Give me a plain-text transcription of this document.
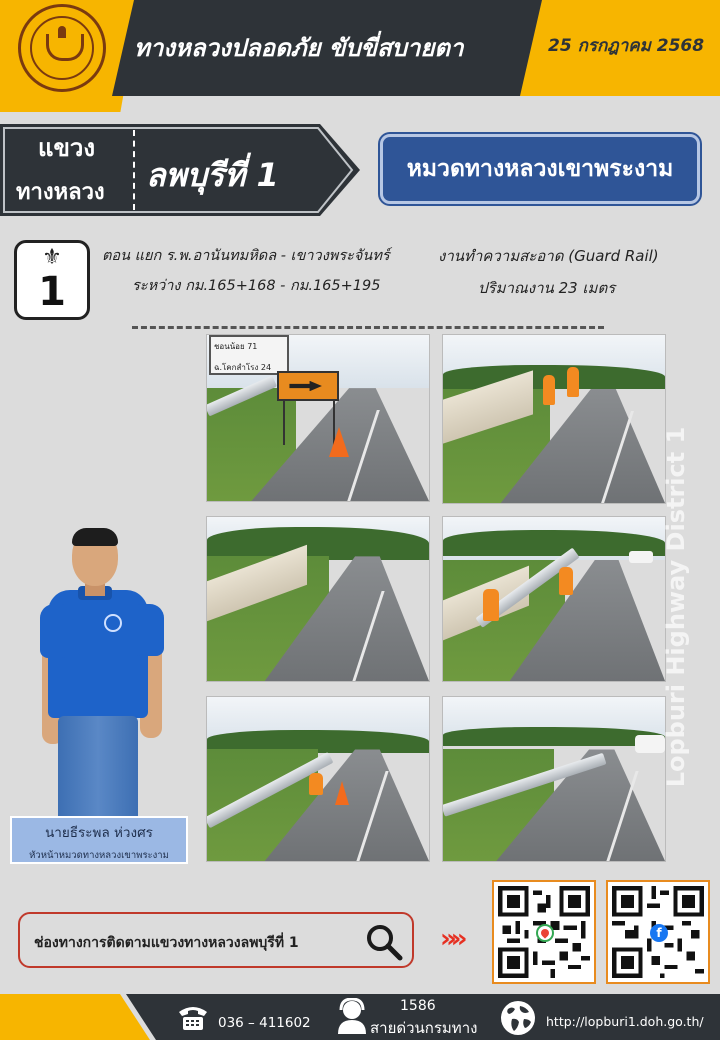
ทางหลวงปลอดภัย ขับขี่สบายตา	25 กรกฎาคม 2568
แขวง
ทางหลวง ลพบุรีที่ 1	หมวดทางหลวงเขาพระงาม
⚜
1
ตอน แยก ร.พ.อานันทมหิดล - เขาวงพระจันทร์
ระหว่าง กม.165+168 - กม.165+195
งานทำความสะอาด (Guard Rail)
ปริมาณงาน 23 เมตร
ชอนน้อย 71
ฉ.โคกสำโรง 24
นายธีระพล ห่วงศร
หัวหน้าหมวดทางหลวงเขาพระงาม
Lopburi Highway District 1
ช่องทางการติดตามแขวงทางหลวงลพบุรีที่ 1	»»	f
036 – 411602
1586
สายด่วนกรมทาง	http://lopburi1.doh.go.th/
